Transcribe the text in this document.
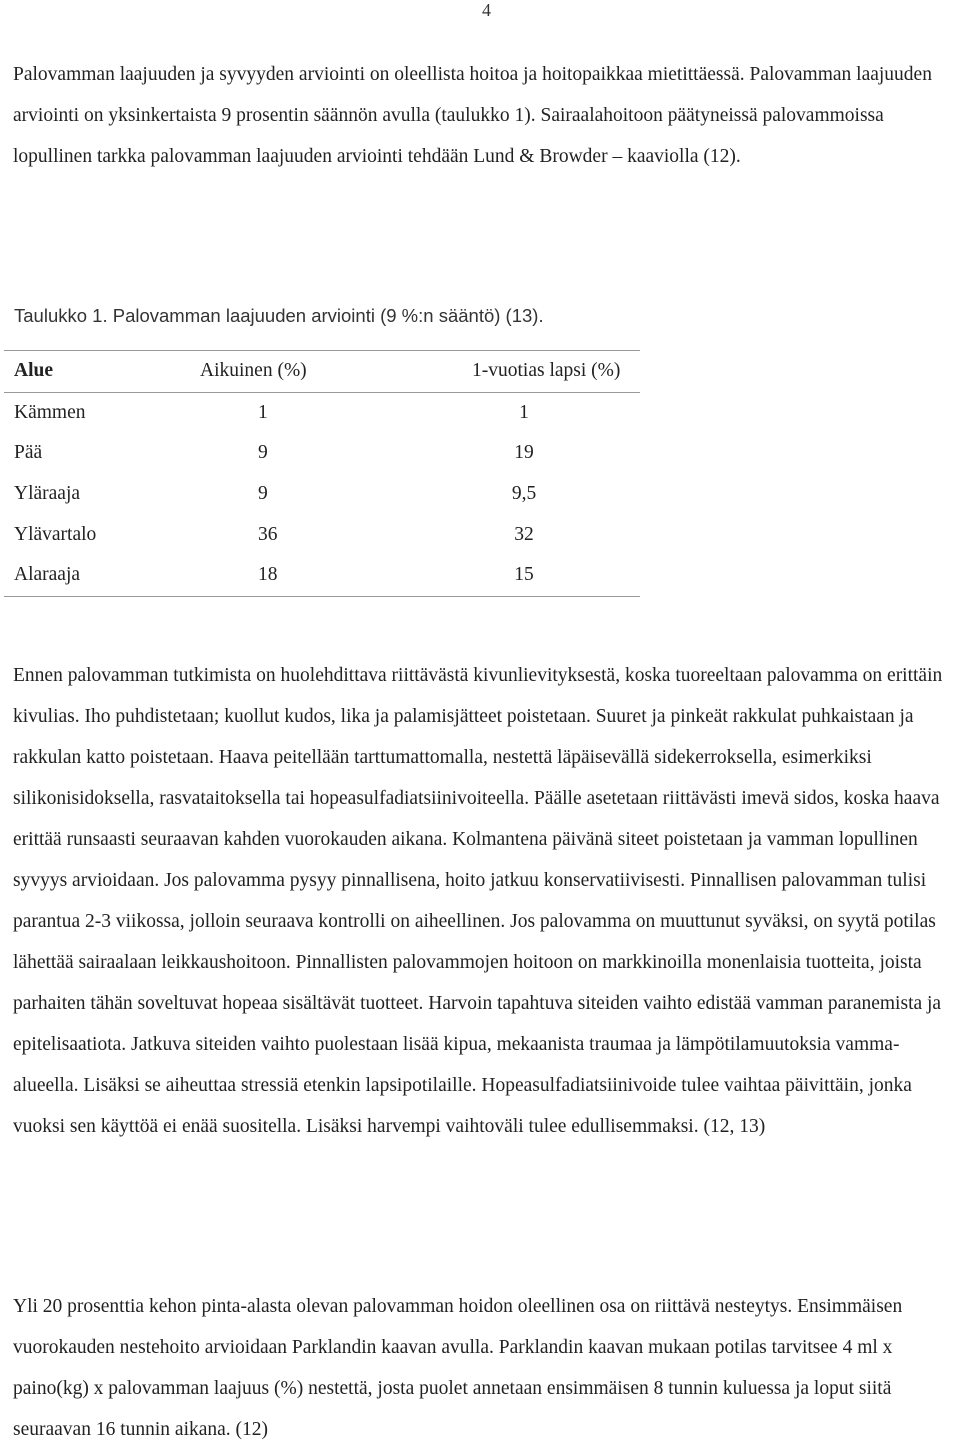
4

Palovamman laajuuden ja syvyyden arviointi on oleellista hoitoa ja hoitopaikkaa mietittäessä. Palovamman laajuuden arviointi on yksinkertaista 9 prosentin säännön avulla (taulukko 1). Sairaalahoitoon päätyneissä palovammoissa lopullinen tarkka palovamman laajuuden arviointi tehdään Lund & Browder – kaaviolla (12).

Taulukko 1. Palovamman laajuuden arviointi (9 %:n sääntö) (13).
Alue	Aikuinen (%)	1-vuotias lapsi (%)
Kämmen	1	1
Pää	9	19
Yläraaja	9	9,5
Ylävartalo	36	32
Alaraaja	18	15

Ennen palovamman tutkimista on huolehdittava riittävästä kivunlievityksestä, koska tuoreeltaan palovamma on erittäin kivulias. Iho puhdistetaan; kuollut kudos, lika ja palamisjätteet poistetaan. Suuret ja pinkeät rakkulat puhkaistaan ja rakkulan katto poistetaan. Haava peitellään tarttumattomalla, nestettä läpäisevällä sidekerroksella, esimerkiksi silikonisidoksella, rasvataitoksella tai hopeasulfadiatsiinivoiteella. Päälle asetetaan riittävästi imevä sidos, koska haava erittää runsaasti seuraavan kahden vuorokauden aikana. Kolmantena päivänä siteet poistetaan ja vamman lopullinen syvyys arvioidaan. Jos palovamma pysyy pinnallisena, hoito jatkuu konservatiivisesti. Pinnallisen palovamman tulisi parantua 2-3 viikossa, jolloin seuraava kontrolli on aiheellinen. Jos palovamma on muuttunut syväksi, on syytä potilas lähettää sairaalaan leikkaushoitoon. Pinnallisten palovammojen hoitoon on markkinoilla monenlaisia tuotteita, joista parhaiten tähän soveltuvat hopeaa sisältävät tuotteet. Harvoin tapahtuva siteiden vaihto edistää vamman paranemista ja epitelisaatiota. Jatkuva siteiden vaihto puolestaan lisää kipua, mekaanista traumaa ja lämpötilamuutoksia vamma-alueella. Lisäksi se aiheuttaa stressiä etenkin lapsipotilaille. Hopeasulfadiatsiinivoide tulee vaihtaa päivittäin, jonka vuoksi sen käyttöä ei enää suositella. Lisäksi harvempi vaihtoväli tulee edullisemmaksi. (12, 13)

Yli 20 prosenttia kehon pinta-alasta olevan palovamman hoidon oleellinen osa on riittävä nesteytys. Ensimmäisen vuorokauden nestehoito arvioidaan Parklandin kaavan avulla. Parklandin kaavan mukaan potilas tarvitsee 4 ml x paino(kg) x palovamman laajuus (%) nestettä, josta puolet annetaan ensimmäisen 8 tunnin kuluessa ja loput siitä seuraavan 16 tunnin aikana. (12)
